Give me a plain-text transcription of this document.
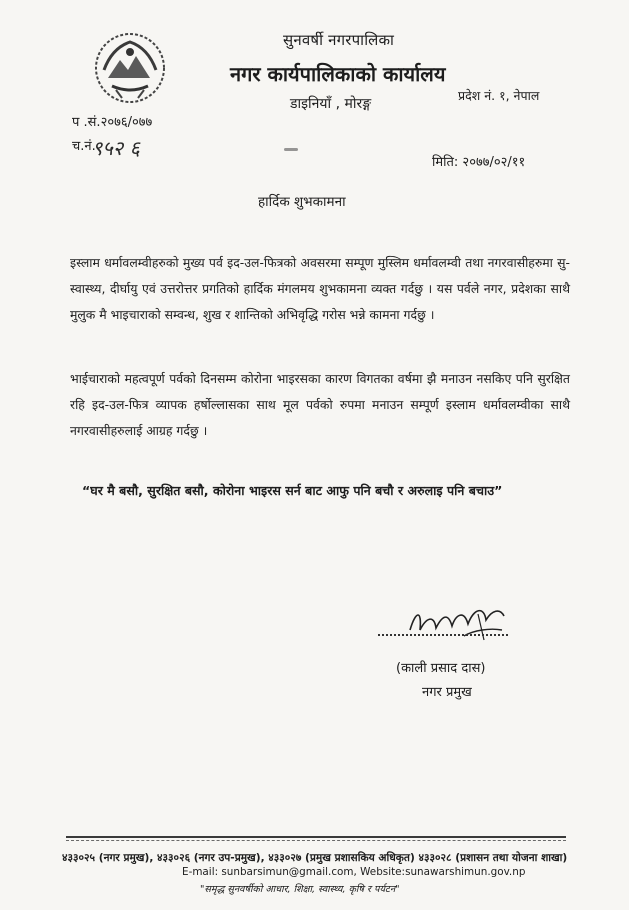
सुनवर्षी नगरपालिका
नगर कार्यपालिकाको कार्यालय
डाइनियाँ , मोरङ्ग
प्रदेश नं. १, नेपाल
प .सं.२०७६/०७७
च.नं.
९५२ ६
मिति: २०७७/०२/११
हार्दिक शुभकामना
इस्लाम धर्मावलम्वीहरुको मुख्य पर्व इद-उल-फित्रको अवसरमा सम्पूण मुस्लिम धर्मावलम्वी तथा नगरवासीहरुमा सु-स्वास्थ्य, दीर्घायु एवं उत्तरोत्तर प्रगतिको हार्दिक मंगलमय शुभकामना व्यक्त गर्दछु । यस पर्वले नगर, प्रदेशका साथै मुलुक मै भाइचाराको सम्वन्ध, शुख र शान्तिको अभिवृद्धि गरोस भन्ने कामना गर्दछु ।
भाईचाराको महत्वपूर्ण पर्वको दिनसम्म कोरोना भाइरसका कारण विगतका वर्षमा झै मनाउन नसकिए पनि सुरक्षित रहि इद-उल-फित्र व्यापक हर्षोल्लासका साथ मूल पर्वको रुपमा मनाउन सम्पूर्ण इस्लाम धर्मावलम्वीका साथै नगरवासीहरुलाई आग्रह गर्दछु ।
“घर मै बसौ, सुरक्षित बसौ, कोरोना भाइरस सर्न बाट आफु पनि बचौ र अरुलाइ पनि बचाउ”
(काली प्रसाद दास)
नगर प्रमुख
४३३०२५ (नगर प्रमुख), ४३३०२६ (नगर उप-प्रमुख), ४३३०२७ (प्रमुख प्रशासकिय अधिकृत) ४३३०२८ (प्रशासन तथा योजना शाखा)
E-mail: sunbarsimun@gmail.com, Website:sunawarshimun.gov.np
"समृद्ध सुनवर्षीको आधार, शिक्षा, स्वास्थ्य, कृषि र पर्यटन"
